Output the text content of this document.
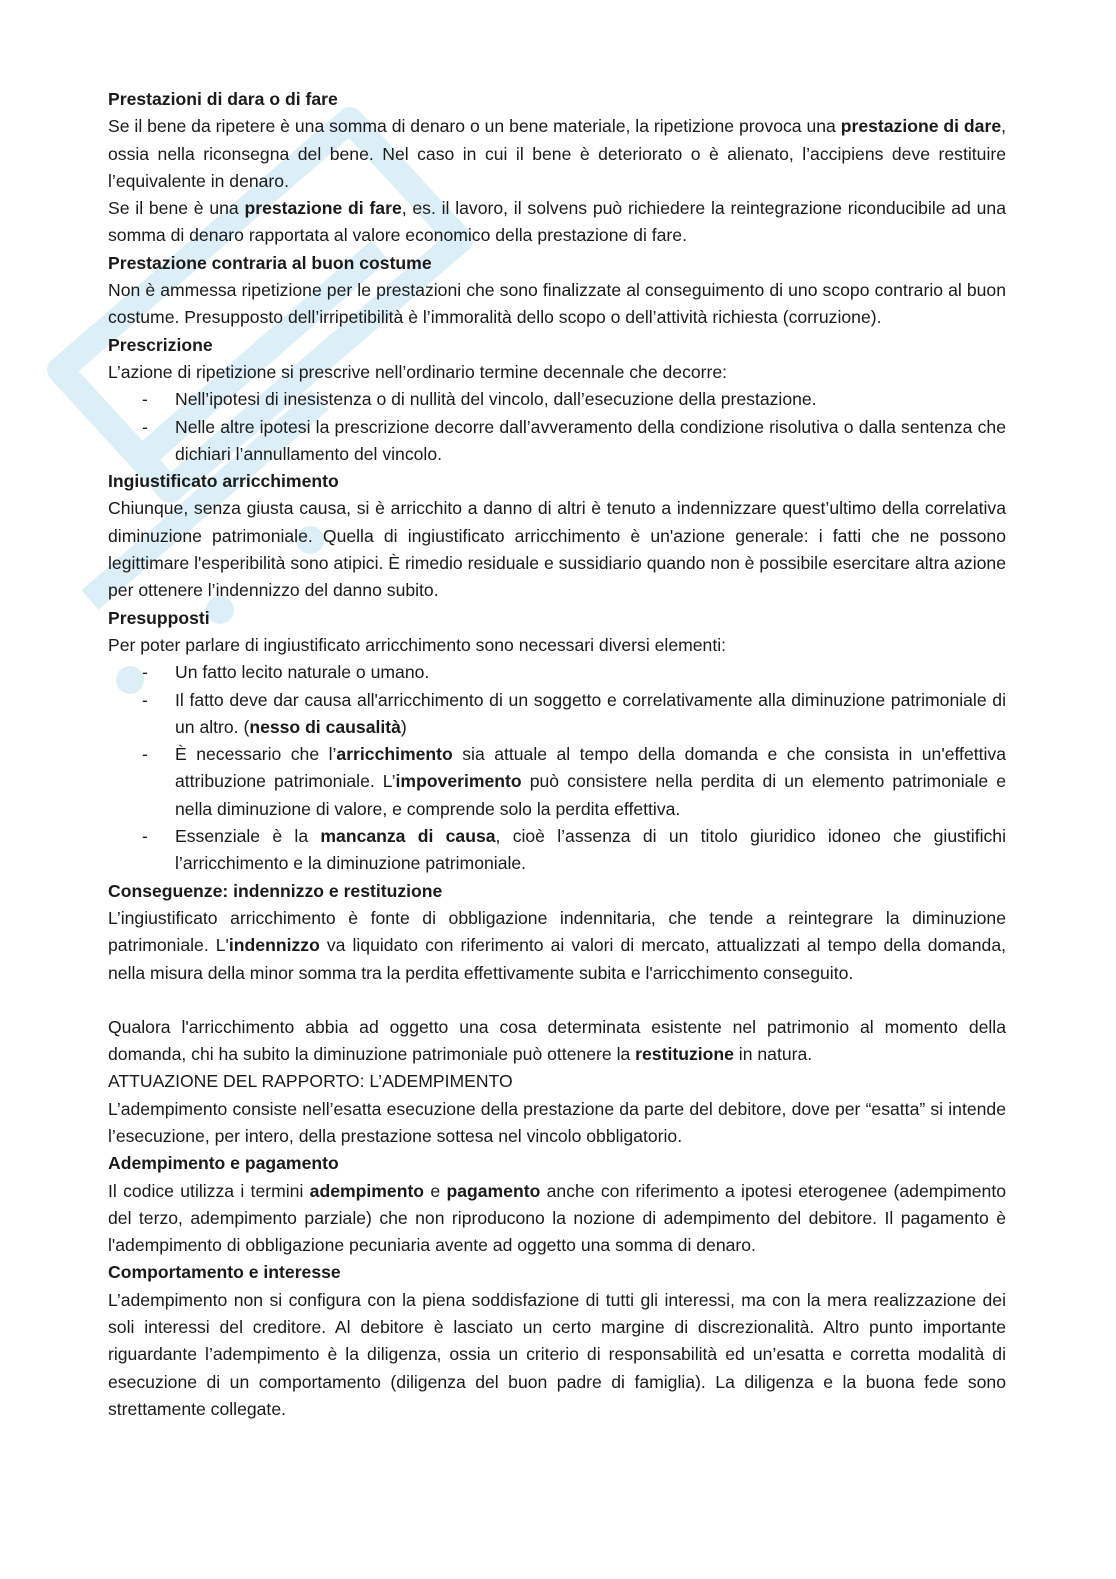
Prestazioni di dara o di fare
Se il bene da ripetere è una somma di denaro o un bene materiale, la ripetizione provoca una prestazione di dare, ossia nella riconsegna del bene. Nel caso in cui il bene è deteriorato o è alienato, l’accipiens deve restituire l’equivalente in denaro.
Se il bene è una prestazione di fare, es. il lavoro, il solvens può richiedere la reintegrazione riconducibile ad una somma di denaro rapportata al valore economico della prestazione di fare.
Prestazione contraria al buon costume
Non è ammessa ripetizione per le prestazioni che sono finalizzate al conseguimento di uno scopo contrario al buon costume. Presupposto dell’irripetibilità è l’immoralità dello scopo o dell’attività richiesta (corruzione).
Prescrizione
L’azione di ripetizione si prescrive nell’ordinario termine decennale che decorre:
- Nell’ipotesi di inesistenza o di nullità del vincolo, dall’esecuzione della prestazione.
- Nelle altre ipotesi la prescrizione decorre dall’avveramento della condizione risolutiva o dalla sentenza che dichiari l’annullamento del vincolo.
Ingiustificato arricchimento
Chiunque, senza giusta causa, si è arricchito a danno di altri è tenuto a indennizzare quest’ultimo della correlativa diminuzione patrimoniale. Quella di ingiustificato arricchimento è un'azione generale: i fatti che ne possono legittimare l'esperibilità sono atipici. È rimedio residuale e sussidiario quando non è possibile esercitare altra azione per ottenere l’indennizzo del danno subito.
Presupposti
Per poter parlare di ingiustificato arricchimento sono necessari diversi elementi:
- Un fatto lecito naturale o umano.
- Il fatto deve dar causa all'arricchimento di un soggetto e correlativamente alla diminuzione patrimoniale di un altro. (nesso di causalità)
- È necessario che l’arricchimento sia attuale al tempo della domanda e che consista in un'effettiva attribuzione patrimoniale. L’impoverimento può consistere nella perdita di un elemento patrimoniale e nella diminuzione di valore, e comprende solo la perdita effettiva.
- Essenziale è la mancanza di causa, cioè l’assenza di un titolo giuridico idoneo che giustifichi l’arricchimento e la diminuzione patrimoniale.
Conseguenze: indennizzo e restituzione
L’ingiustificato arricchimento è fonte di obbligazione indennitaria, che tende a reintegrare la diminuzione patrimoniale. L'indennizzo va liquidato con riferimento ai valori di mercato, attualizzati al tempo della domanda, nella misura della minor somma tra la perdita effettivamente subita e l'arricchimento conseguito.
Qualora l'arricchimento abbia ad oggetto una cosa determinata esistente nel patrimonio al momento della domanda, chi ha subito la diminuzione patrimoniale può ottenere la restituzione in natura.
ATTUAZIONE DEL RAPPORTO: L’ADEMPIMENTO
L’adempimento consiste nell’esatta esecuzione della prestazione da parte del debitore, dove per “esatta” si intende l’esecuzione, per intero, della prestazione sottesa nel vincolo obbligatorio.
Adempimento e pagamento
Il codice utilizza i termini adempimento e pagamento anche con riferimento a ipotesi eterogenee (adempimento del terzo, adempimento parziale) che non riproducono la nozione di adempimento del debitore. Il pagamento è l'adempimento di obbligazione pecuniaria avente ad oggetto una somma di denaro.
Comportamento e interesse
L’adempimento non si configura con la piena soddisfazione di tutti gli interessi, ma con la mera realizzazione dei soli interessi del creditore. Al debitore è lasciato un certo margine di discrezionalità. Altro punto importante riguardante l’adempimento è la diligenza, ossia un criterio di responsabilità ed un’esatta e corretta modalità di esecuzione di un comportamento (diligenza del buon padre di famiglia). La diligenza e la buona fede sono strettamente collegate.
